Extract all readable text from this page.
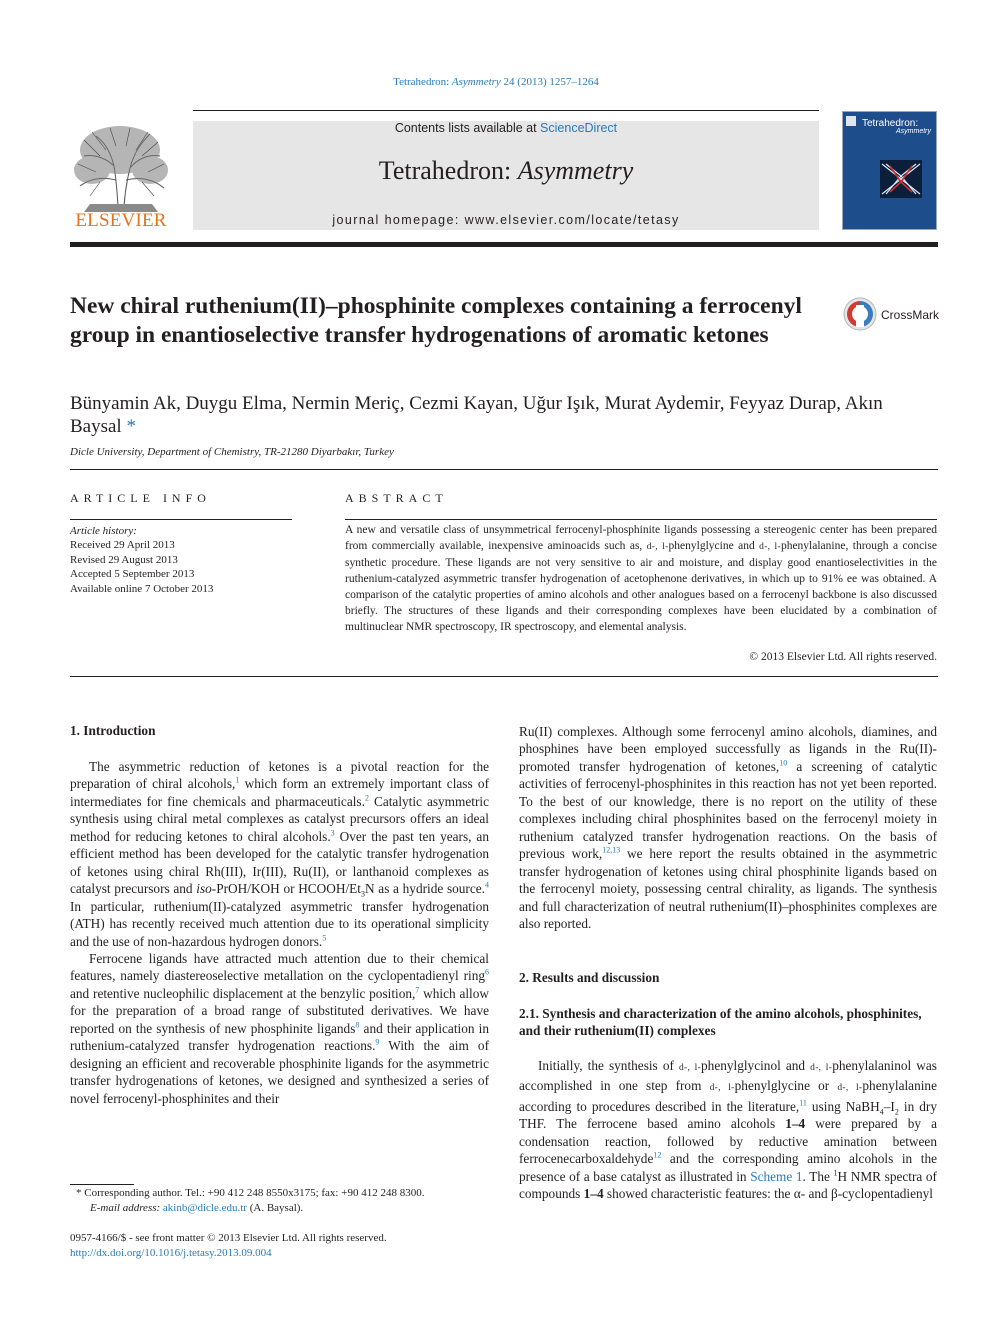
Tetrahedron: Asymmetry 24 (2013) 1257–1264
ELSEVIER
Contents lists available at ScienceDirect
Tetrahedron: Asymmetry
journal homepage: www.elsevier.com/locate/tetasy
Tetrahedron:
Asymmetry
New chiral ruthenium(II)–phosphinite complexes containing a ferrocenyl group in enantioselective transfer hydrogenations of aromatic ketones
CrossMark
Bünyamin Ak, Duygu Elma, Nermin Meriç, Cezmi Kayan, Uğur Işık, Murat Aydemir, Feyyaz Durap, Akın Baysal *
Dicle University, Department of Chemistry, TR-21280 Diyarbakır, Turkey
ARTICLE INFO
Article history:
Received 29 April 2013
Revised 29 August 2013
Accepted 5 September 2013
Available online 7 October 2013
ABSTRACT
A new and versatile class of unsymmetrical ferrocenyl-phosphinite ligands possessing a stereogenic center has been prepared from commercially available, inexpensive aminoacids such as, d-, l-phenylglycine and d-, l-phenylalanine, through a concise synthetic procedure. These ligands are not very sensitive to air and moisture, and display good enantioselectivities in the ruthenium-catalyzed asymmetric transfer hydrogenation of acetophenone derivatives, in which up to 91% ee was obtained. A comparison of the catalytic properties of amino alcohols and other analogues based on a ferrocenyl backbone is also discussed briefly. The structures of these ligands and their corresponding complexes have been elucidated by a combination of multinuclear NMR spectroscopy, IR spectroscopy, and elemental analysis.
© 2013 Elsevier Ltd. All rights reserved.
1. Introduction

The asymmetric reduction of ketones is a pivotal reaction for the preparation of chiral alcohols,$^1$ which form an extremely important class of intermediates for fine chemicals and pharmaceuticals.$^2$ Catalytic asymmetric synthesis using chiral metal complexes as catalyst precursors offers an ideal method for reducing ketones to chiral alcohols.$^3$ Over the past ten years, an efficient method has been developed for the catalytic transfer hydrogenation of ketones using chiral Rh(III), Ir(III), Ru(II), or lanthanoid complexes as catalyst precursors and iso-PrOH/KOH or HCOOH/$Et_3N$ as a hydride source.$^4$ In particular, ruthenium(II)-catalyzed asymmetric transfer hydrogenation (ATH) has recently received much attention due to its operational simplicity and the use of non-hazardous hydrogen donors.$^5$

Ferrocene ligands have attracted much attention due to their chemical features, namely diastereoselective metallation on the cyclopentadienyl ring$^6$ and retentive nucleophilic displacement at the benzylic position,$^7$ which allow for the preparation of a broad range of substituted derivatives. We have reported on the synthesis of new phosphinite ligands$^8$ and their application in ruthenium-catalyzed transfer hydrogenation reactions.$^9$ With the aim of designing an efficient and recoverable phosphinite ligands for the asymmetric transfer hydrogenations of ketones, we designed and synthesized a series of novel ferrocenyl-phosphinites and their

Ru(II) complexes. Although some ferrocenyl amino alcohols, diamines, and phosphines have been employed successfully as ligands in the Ru(II)-promoted transfer hydrogenation of ketones,$^{10}$ a screening of catalytic activities of ferrocenyl-phosphinites in this reaction has not yet been reported. To the best of our knowledge, there is no report on the utility of these complexes including chiral phosphinites based on the ferrocenyl moiety in ruthenium catalyzed transfer hydrogenation reactions. On the basis of previous work,$^{12,13}$ we here report the results obtained in the asymmetric transfer hydrogenation of ketones using chiral phosphinite ligands based on the ferrocenyl moiety, possessing central chirality, as ligands. The synthesis and full characterization of neutral ruthenium(II)–phosphinites complexes are also reported.

2. Results and discussion
2.1. Synthesis and characterization of the amino alcohols, phosphinites, and their ruthenium(II) complexes

Initially, the synthesis of d-, l-phenylglycinol and d-, l-phenylalaninol was accomplished in one step from d-, l-phenylglycine or d-, l-phenylalanine according to procedures described in the literature,$^{11}$ using $NaBH_4-I_2$ in dry THF. The ferrocene based amino alcohols 1–4 were prepared by a condensation reaction, followed by reductive amination between ferrocenecarboxaldehyde$^{12}$ and the corresponding amino alcohols in the presence of a base catalyst as illustrated in Scheme 1. The $^1$H NMR spectra of compounds 1–4 showed characteristic features: the α- and β-cyclopentadienyl

* Corresponding author. Tel.: +90 412 248 8550x3175; fax: +90 412 248 8300.
E-mail address: akinb@dicle.edu.tr (A. Baysal).
0957-4166/$ - see front matter © 2013 Elsevier Ltd. All rights reserved.
http://dx.doi.org/10.1016/j.tetasy.2013.09.004
